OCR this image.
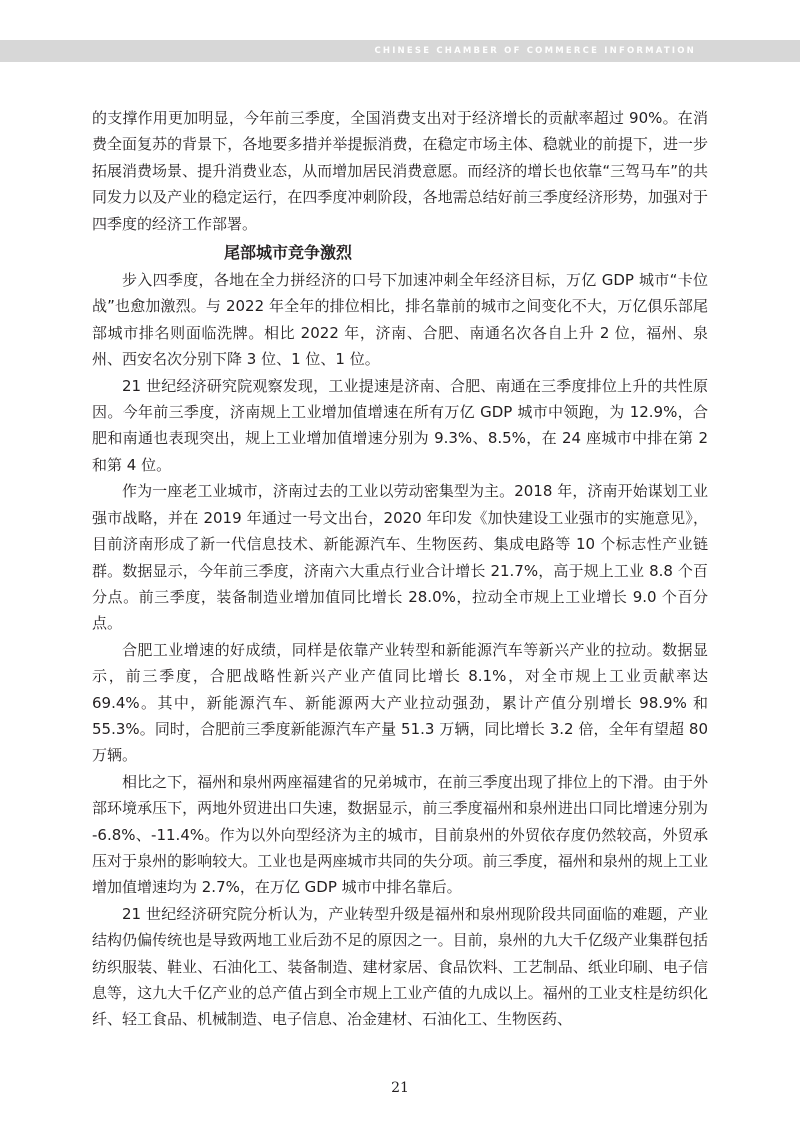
CHINESE CHAMBER OF COMMERCE INFORMATION

的支撑作用更加明显，今年前三季度，全国消费支出对于经济增长的贡献率超过 90%。在消费全面复苏的背景下，各地要多措并举提振消费，在稳定市场主体、稳就业的前提下，进一步拓展消费场景、提升消费业态，从而增加居民消费意愿。而经济的增长也依靠“三驾马车”的共同发力以及产业的稳定运行，在四季度冲刺阶段，各地需总结好前三季度经济形势，加强对于四季度的经济工作部署。

尾部城市竞争激烈

步入四季度，各地在全力拼经济的口号下加速冲刺全年经济目标，万亿 GDP 城市“卡位战”也愈加激烈。与 2022 年全年的排位相比，排名靠前的城市之间变化不大，万亿俱乐部尾部城市排名则面临洗牌。相比 2022 年，济南、合肥、南通名次各自上升 2 位，福州、泉州、西安名次分别下降 3 位、1 位、1 位。

21 世纪经济研究院观察发现，工业提速是济南、合肥、南通在三季度排位上升的共性原因。今年前三季度，济南规上工业增加值增速在所有万亿 GDP 城市中领跑，为 12.9%，合肥和南通也表现突出，规上工业增加值增速分别为 9.3%、8.5%，在 24 座城市中排在第 2 和第 4 位。

作为一座老工业城市，济南过去的工业以劳动密集型为主。2018 年，济南开始谋划工业强市战略，并在 2019 年通过一号文出台，2020 年印发《加快建设工业强市的实施意见》，目前济南形成了新一代信息技术、新能源汽车、生物医药、集成电路等 10 个标志性产业链群。数据显示，今年前三季度，济南六大重点行业合计增长 21.7%，高于规上工业 8.8 个百分点。前三季度，装备制造业增加值同比增长 28.0%，拉动全市规上工业增长 9.0 个百分点。

合肥工业增速的好成绩，同样是依靠产业转型和新能源汽车等新兴产业的拉动。数据显示，前三季度，合肥战略性新兴产业产值同比增长 8.1%，对全市规上工业贡献率达 69.4%。其中，新能源汽车、新能源两大产业拉动强劲，累计产值分别增长 98.9% 和 55.3%。同时，合肥前三季度新能源汽车产量 51.3 万辆，同比增长 3.2 倍，全年有望超 80 万辆。

相比之下，福州和泉州两座福建省的兄弟城市，在前三季度出现了排位上的下滑。由于外部环境承压下，两地外贸进出口失速，数据显示，前三季度福州和泉州进出口同比增速分别为 -6.8%、-11.4%。作为以外向型经济为主的城市，目前泉州的外贸依存度仍然较高，外贸承压对于泉州的影响较大。工业也是两座城市共同的失分项。前三季度，福州和泉州的规上工业增加值增速均为 2.7%，在万亿 GDP 城市中排名靠后。

21 世纪经济研究院分析认为，产业转型升级是福州和泉州现阶段共同面临的难题，产业结构仍偏传统也是导致两地工业后劲不足的原因之一。目前，泉州的九大千亿级产业集群包括纺织服装、鞋业、石油化工、装备制造、建材家居、食品饮料、工艺制品、纸业印刷、电子信息等，这九大千亿产业的总产值占到全市规上工业产值的九成以上。福州的工业支柱是纺织化纤、轻工食品、机械制造、电子信息、冶金建材、石油化工、生物医药、

21
